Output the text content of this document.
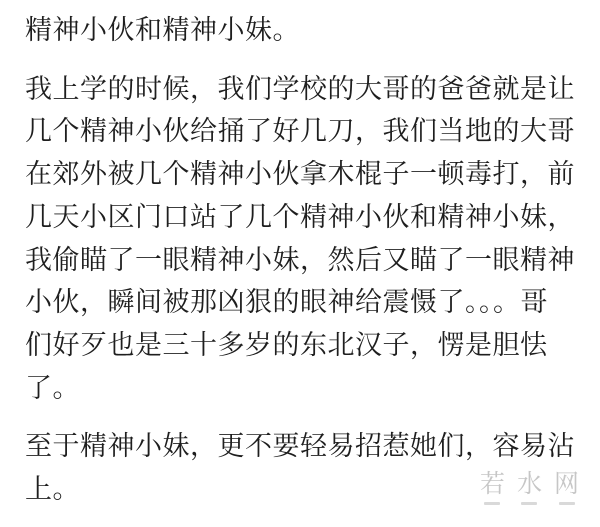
精神小伙和精神小妹。
我上学的时候，我们学校的大哥的爸爸就是让
几个精神小伙给捅了好几刀，我们当地的大哥
在郊外被几个精神小伙拿木棍子一顿毒打，前
几天小区门口站了几个精神小伙和精神小妹，
我偷瞄了一眼精神小妹，然后又瞄了一眼精神
小伙，瞬间被那凶狠的眼神给震慑了。。。哥
们好歹也是三十多岁的东北汉子，愣是胆怯
了。
至于精神小妹，更不要轻易招惹她们，容易沾
上。	若水网
